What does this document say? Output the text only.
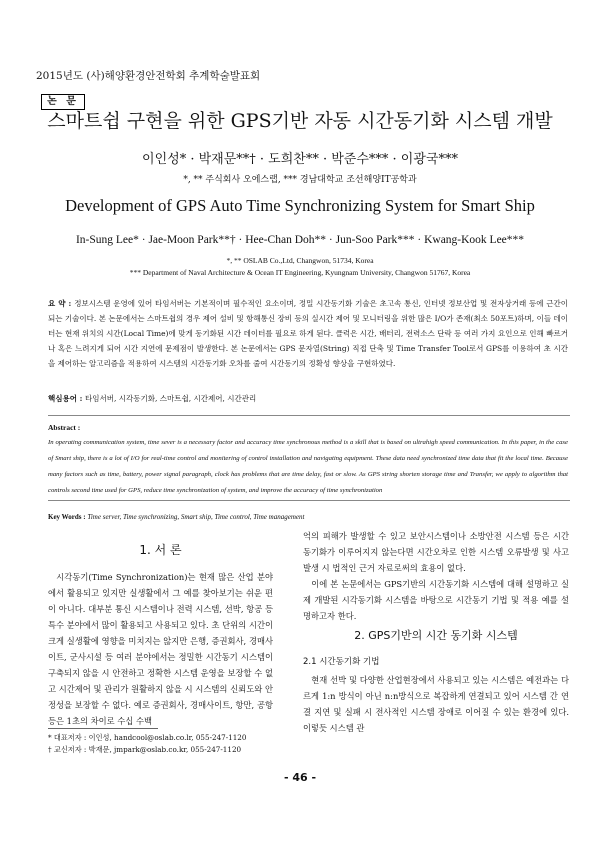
2015년도 (사)해양환경안전학회 추계학술발표회
논 문
스마트쉽 구현을 위한 GPS기반 자동 시간동기화 시스템 개발
이인성* · 박재문**† · 도희찬** · 박준수*** · 이광국***
*, ** 주식회사 오에스랩, *** 경남대학교 조선해양IT공학과
Development of GPS Auto Time Synchronizing System for Smart Ship
In-Sung Lee* · Jae-Moon Park**† · Hee-Chan Doh** · Jun-Soo Park*** · Kwang-Kook Lee***
*, ** OSLAB Co.,Ltd, Changwon, 51734, Korea
*** Department of Naval Architecture & Ocean IT Engineering, Kyungnam University, Changwon 51767, Korea
요 약 : 정보시스템 운영에 있어 타임서버는 기본적이며 필수적인 요소이며, 정밀 시간동기화 기술은 초고속 통신, 인터넷 정보산업 및 전자상거래 등에 근간이 되는 기술이다. 본 논문에서는 스마트쉽의 경우 제어 설비 및 항해통신 장비 등의 실시간 제어 및 모니터링을 위한 많은 I/O가 존재(최소 50포트)하며, 이들 데이터는 현재 위치의 시간(Local Time)에 맞게 동기화된 시간 데이터를 필요로 하게 된다. 클럭은 시간, 배터리, 전력소스 단락 등 여러 가지 요인으로 인해 빠르거나 혹은 느려지게 되어 시간 지연에 문제점이 발생한다. 본 논문에서는 GPS 문자열(String) 직접 단축 및 Time Transfer Tool로서 GPS를 이용하여 초 시간을 제어하는 알고리즘을 적용하여 시스템의 시간동기화 오차를 줄여 시간동기의 정확성 향상을 구현하였다.
핵심용어 : 타임서버, 시각동기화, 스마트쉽, 시간제어, 시간관리
Abstract :
In operating communication system, time sever is a necessary factor and accuracy time synchronous method is a skill that is based on ultrahigh speed communication. In this paper, in the case of Smart ship, there is a lot of I/O for real-time control and monitering of control installation and navigating equipment. These data need synchronized time data that fit the local time. Because many factors such as time, battery, power signal paragraph, clock has problems that are time delay, fast or slow. As GPS string shorten storage time and Transfer, we apply to algorithm that controls second time used for GPS, reduce time synchronization of system, and improve the accuracy of time synchronization
Key Words : Time server, Time synchronizing, Smart ship, Time control, Time management
1. 서 론

시각동기(Time Synchronization)는 현재 많은 산업 분야에서 활용되고 있지만 실생활에서 그 예를 찾아보기는 쉬운 편이 아니다. 대부분 통신 시스템이나 전력 시스템, 선박, 항공 등 특수 분야에서 많이 활용되고 사용되고 있다. 초 단위의 시간이 크게 실생활에 영향을 미치지는 않지만 은행, 증권회사, 경매사이트, 군사시설 등 여러 분야에서는 정밀한 시간동기 시스템이 구축되지 않을 시 안전하고 정확한 시스템 운영을 보장할 수 없고 시간제어 및 관리가 원활하지 않을 시 시스템의 신뢰도와 안정성을 보장할 수 없다. 예로 증권회사, 경매사이트, 항만, 공항 등은 1초의 차이로 수십 수백

억의 피해가 발생할 수 있고 보안시스템이나 소방안전 시스템 등은 시간 동기화가 이루어지지 않는다면 시간오차로 인한 시스템 오류발생 및 사고 발생 시 법적인 근거 자료로써의 효용이 없다.

이에 본 논문에서는 GPS기반의 시간동기화 시스템에 대해 설명하고 실제 개발된 시각동기화 시스템을 바탕으로 시간동기 기법 및 적용 예를 설명하고자 한다.

2. GPS기반의 시간 동기화 시스템
2.1 시간동기화 기법

현재 선박 및 다양한 산업현장에서 사용되고 있는 시스템은 예전과는 다르게 1:n 방식이 아닌 n:n방식으로 복잡하게 연결되고 있어 시스템 간 연결 지연 및 실패 시 전사적인 시스템 장애로 이어질 수 있는 환경에 있다. 이렇듯 시스템 관

* 대표저자 : 이인성, handcool@oslab.co.lr, 055-247-1120
† 교신저자 : 박재문, jmpark@oslab.co.kr, 055-247-1120
- 46 -
